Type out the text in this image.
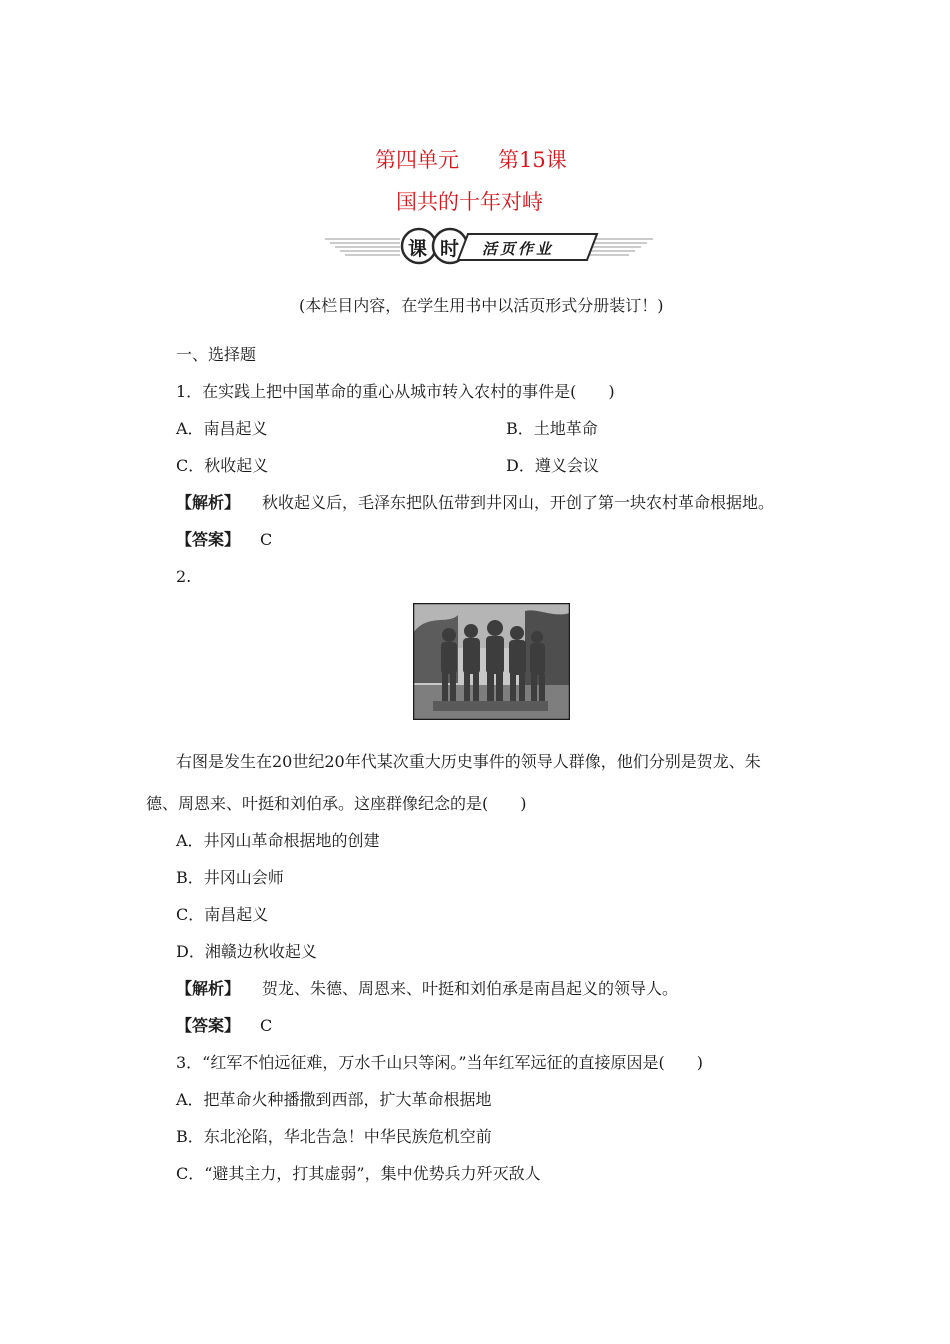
第四单元 第15课
国共的十年对峙
课 时 活页作业
(本栏目内容，在学生用书中以活页形式分册装订！)
一、选择题
1．在实践上把中国革命的重心从城市转入农村的事件是(　　)
A．南昌起义	B．土地革命
C．秋收起义	D．遵义会议
【解析】 秋收起义后，毛泽东把队伍带到井冈山，开创了第一块农村革命根据地。
【答案】 C
2.
右图是发生在20世纪20年代某次重大历史事件的领导人群像，他们分别是贺龙、朱
德、周恩来、叶挺和刘伯承。这座群像纪念的是(　　)
A．井冈山革命根据地的创建
B．井冈山会师
C．南昌起义
D．湘赣边秋收起义
【解析】 贺龙、朱德、周恩来、叶挺和刘伯承是南昌起义的领导人。
【答案】 C
3．“红军不怕远征难，万水千山只等闲。”当年红军远征的直接原因是(　　)
A．把革命火种播撒到西部，扩大革命根据地
B．东北沦陷，华北告急！中华民族危机空前
C．“避其主力，打其虚弱”，集中优势兵力歼灭敌人
